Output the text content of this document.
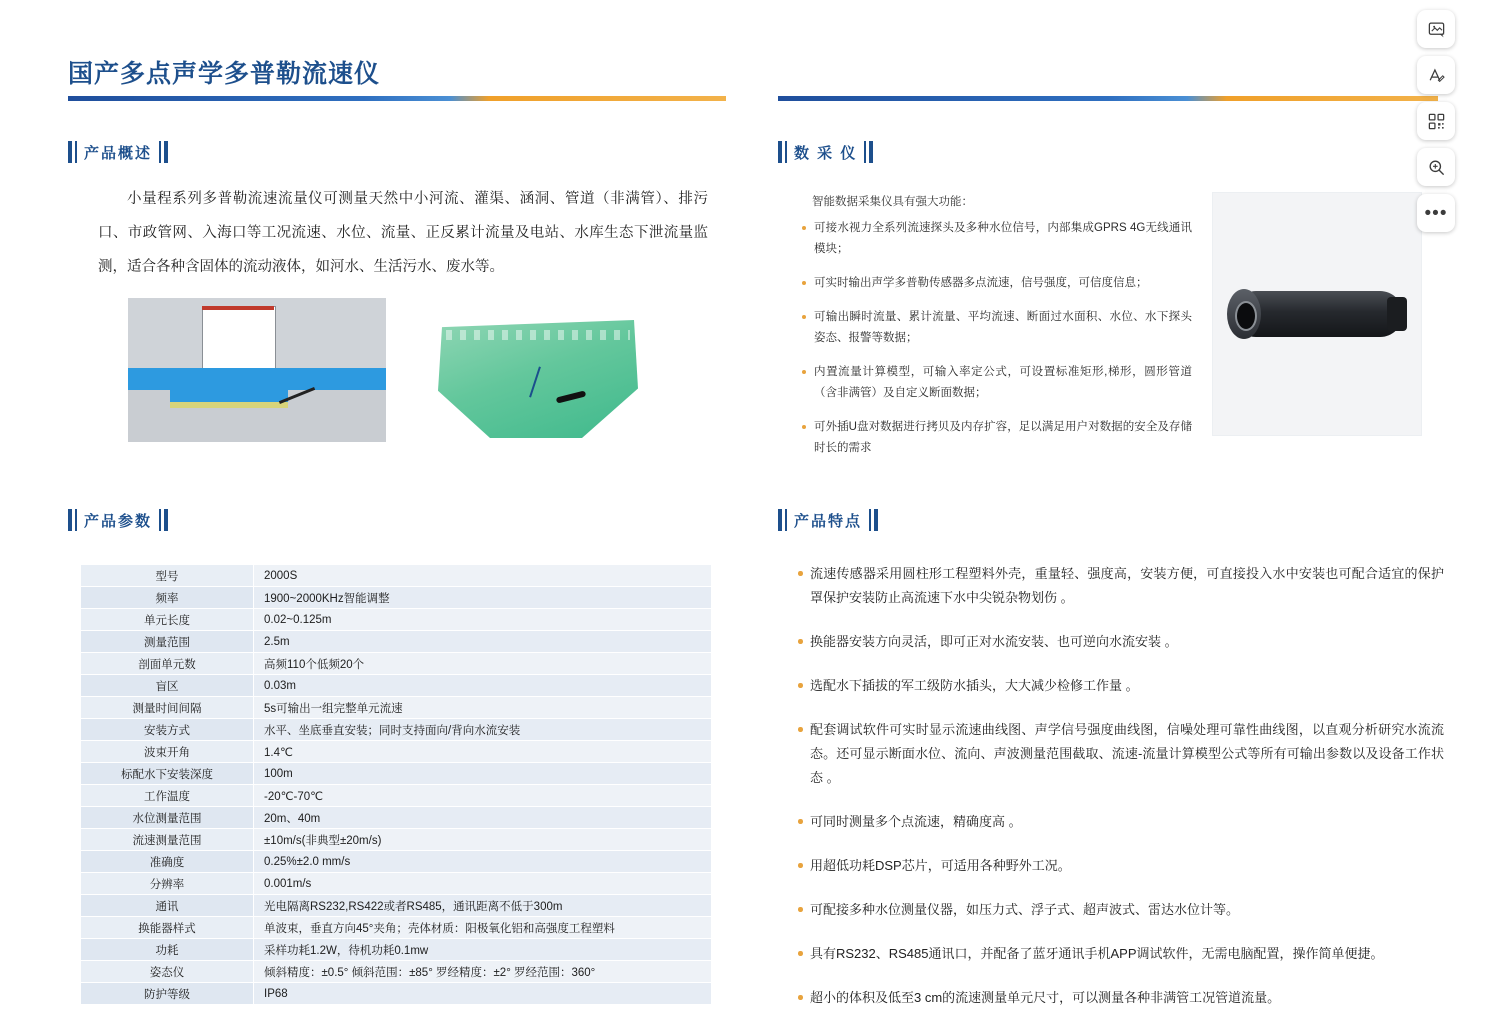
国产多点声学多普勒流速仪
产品概述
小量程系列多普勒流速流量仪可测量天然中小河流、灌渠、涵洞、管道（非满管）、排污口、市政管网、入海口等工况流速、水位、流量、正反累计流量及电站、水库生态下泄流量监测，适合各种含固体的流动液体，如河水、生活污水、废水等。
产品参数
型号	2000S
频率	1900~2000KHz智能调整
单元长度	0.02~0.125m
测量范围	2.5m
剖面单元数	高频110个低频20个
盲区	0.03m
测量时间间隔	5s可输出一组完整单元流速
安装方式	水平、坐底垂直安装；同时支持面向/背向水流安装
波束开角	1.4℃
标配水下安装深度	100m
工作温度	-20℃-70℃
水位测量范围	20m、40m
流速测量范围	±10m/s(非典型±20m/s)
准确度	0.25%±2.0 mm/s
分辨率	0.001m/s
通讯	光电隔离RS232,RS422或者RS485，通讯距离不低于300m
换能器样式	单波束，垂直方向45°夹角；壳体材质：阳极氧化铝和高强度工程塑料
功耗	采样功耗1.2W，待机功耗0.1mw
姿态仪	倾斜精度：±0.5° 倾斜范围：±85° 罗经精度：±2° 罗经范围：360°
防护等级	IP68
数 采 仪
智能数据采集仪具有强大功能：
可接水视力全系列流速探头及多种水位信号，内部集成GPRS 4G无线通讯模块；
可实时输出声学多普勒传感器多点流速，信号强度，可信度信息；
可输出瞬时流量、累计流量、平均流速、断面过水面积、水位、水下探头姿态、报警等数据；
内置流量计算模型，可输入率定公式，可设置标准矩形,梯形，圆形管道（含非满管）及自定义断面数据；
可外插U盘对数据进行拷贝及内存扩容，足以满足用户对数据的安全及存储时长的需求
产品特点
流速传感器采用圆柱形工程塑料外壳，重量轻、强度高，安装方便，可直接投入水中安装也可配合适宜的保护罩保护安装防止高流速下水中尖锐杂物划伤 。
换能器安装方向灵活，即可正对水流安装、也可逆向水流安装 。
选配水下插拔的军工级防水插头，大大减少检修工作量 。
配套调试软件可实时显示流速曲线图、声学信号强度曲线图，信噪处理可靠性曲线图，以直观分析研究水流流态。还可显示断面水位、流向、声波测量范围截取、流速-流量计算模型公式等所有可输出参数以及设备工作状态 。
可同时测量多个点流速，精确度高 。
用超低功耗DSP芯片，可适用各种野外工况。
可配接多种水位测量仪器，如压力式、浮子式、超声波式、雷达水位计等。
具有RS232、RS485通讯口，并配备了蓝牙通讯手机APP调试软件，无需电脑配置，操作简单便捷。
超小的体积及低至3 cm的流速测量单元尺寸，可以测量各种非满管工况管道流量。
•••
